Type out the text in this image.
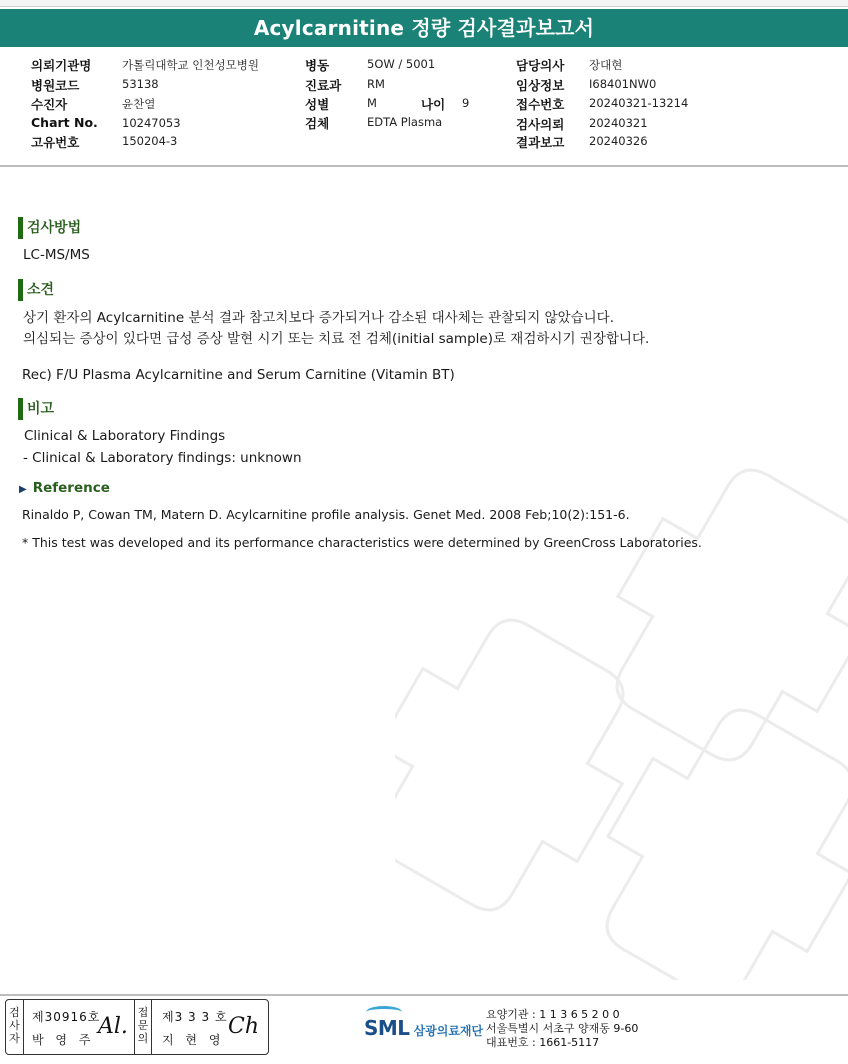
Acylcarnitine 정량 검사결과보고서
의뢰기관명	가톨릭대학교 인천성모병원
병원코드	53138
수진자	윤찬열
Chart No. 10247053
고유번호	150204-3
병동	5OW / 5001
진료과 RM
성별	M	나이 9
검체	EDTA Plasma
담당의사 장대현
임상정보 I68401NW0
접수번호 20240321-13214
검사의뢰 20240321
결과보고 20240326
검사방법
LC-MS/MS
소견
상기 환자의 Acylcarnitine 분석 결과 참고치보다 증가되거나 감소된 대사체는 관찰되지 않았습니다.
의심되는 증상이 있다면 급성 증상 발현 시기 또는 치료 전 검체(initial sample)로 재검하시기 권장합니다.
Rec) F/U Plasma Acylcarnitine and Serum Carnitine (Vitamin BT)
비고
Clinical & Laboratory Findings
- Clinical & Laboratory findings: unknown
▶ Reference
Rinaldo P, Cowan TM, Matern D. Acylcarnitine profile analysis. Genet Med. 2008 Feb;10(2):151-6.
* This test was developed and its performance characteristics were determined by GreenCross Laboratories.
검
사
자
제30916호
박 영 주
Al.
접
문
의
제3 3 3 호
지 현 영
Ch	SML 삼광의료재단
요양기관 : 1 1 3 6 5 2 0 0
서울특별시 서초구 양재동 9-60
대표번호 : 1661-5117
